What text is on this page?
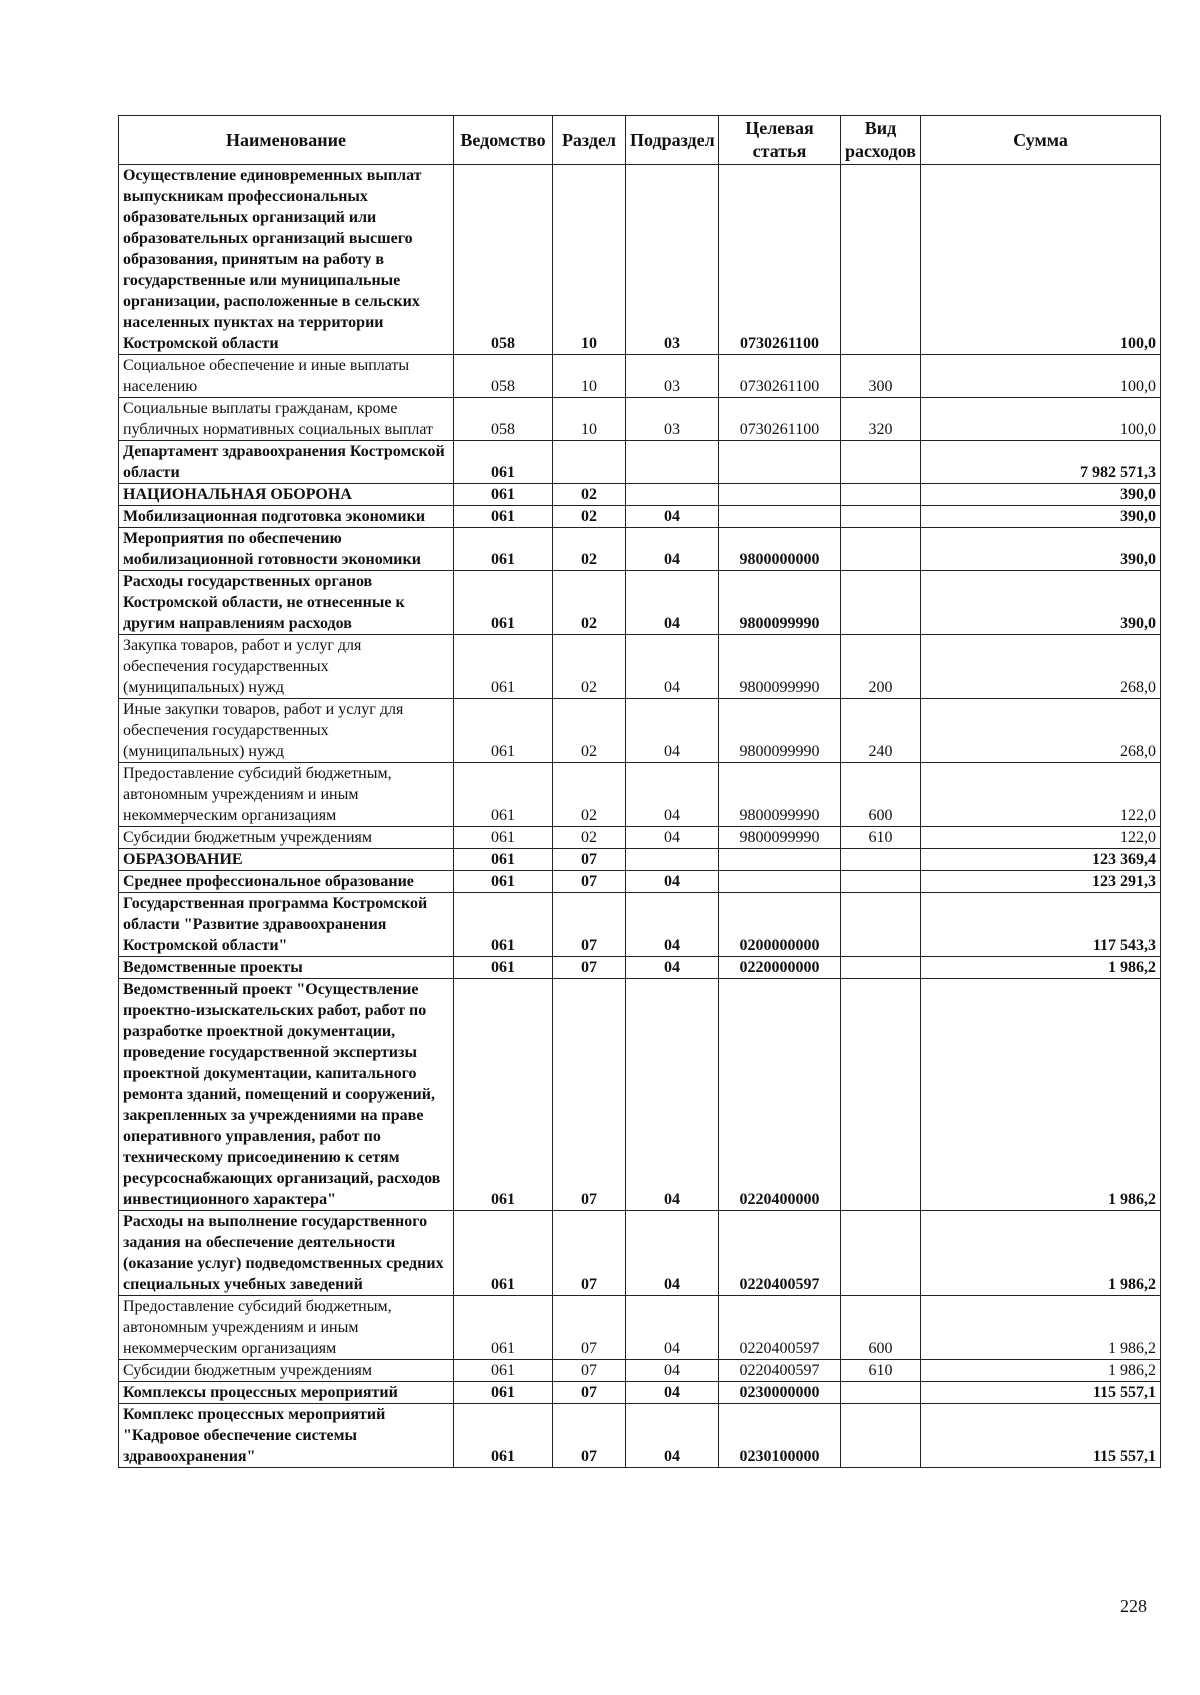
Наименование	Ведомство	Раздел	Подраздел	Целевая статья	Вид расходов	Сумма
Осуществление единовременных выплат выпускникам профессиональных образовательных организаций или образовательных организаций высшего образования, принятым на работу в государственные или муниципальные организации, расположенные в сельских населенных пунктах на территории Костромской области	058	10	03	0730261100		100,0
Социальное обеспечение и иные выплаты населению	058	10	03	0730261100	300	100,0
Социальные выплаты гражданам, кроме публичных нормативных социальных выплат	058	10	03	0730261100	320	100,0
Департамент здравоохранения Костромской области	061					7 982 571,3
НАЦИОНАЛЬНАЯ ОБОРОНА	061	02				390,0
Мобилизационная подготовка экономики	061	02	04			390,0
Мероприятия по обеспечению мобилизационной готовности экономики	061	02	04	9800000000		390,0
Расходы государственных органов Костромской области, не отнесенные к другим направлениям расходов	061	02	04	9800099990		390,0
Закупка товаров, работ и услуг для обеспечения государственных (муниципальных) нужд	061	02	04	9800099990	200	268,0
Иные закупки товаров, работ и услуг для обеспечения государственных (муниципальных) нужд	061	02	04	9800099990	240	268,0
Предоставление субсидий бюджетным, автономным учреждениям и иным некоммерческим организациям	061	02	04	9800099990	600	122,0
Субсидии бюджетным учреждениям	061	02	04	9800099990	610	122,0
ОБРАЗОВАНИЕ	061	07				123 369,4
Среднее профессиональное образование	061	07	04			123 291,3
Государственная программа Костромской области "Развитие здравоохранения Костромской области"	061	07	04	0200000000		117 543,3
Ведомственные проекты	061	07	04	0220000000		1 986,2
Ведомственный проект "Осуществление проектно-изыскательских работ, работ по разработке проектной документации, проведение государственной экспертизы проектной документации, капитального ремонта зданий, помещений и сооружений, закрепленных за учреждениями на праве оперативного управления, работ по техническому присоединению к сетям ресурсоснабжающих организаций, расходов инвестиционного характера"	061	07	04	0220400000		1 986,2
Расходы на выполнение государственного задания на обеспечение деятельности (оказание услуг) подведомственных средних специальных учебных заведений	061	07	04	0220400597		1 986,2
Предоставление субсидий бюджетным, автономным учреждениям и иным некоммерческим организациям	061	07	04	0220400597	600	1 986,2
Субсидии бюджетным учреждениям	061	07	04	0220400597	610	1 986,2
Комплексы процессных мероприятий	061	07	04	0230000000		115 557,1
Комплекс процессных мероприятий "Кадровое обеспечение системы здравоохранения"	061	07	04	0230100000		115 557,1
228
